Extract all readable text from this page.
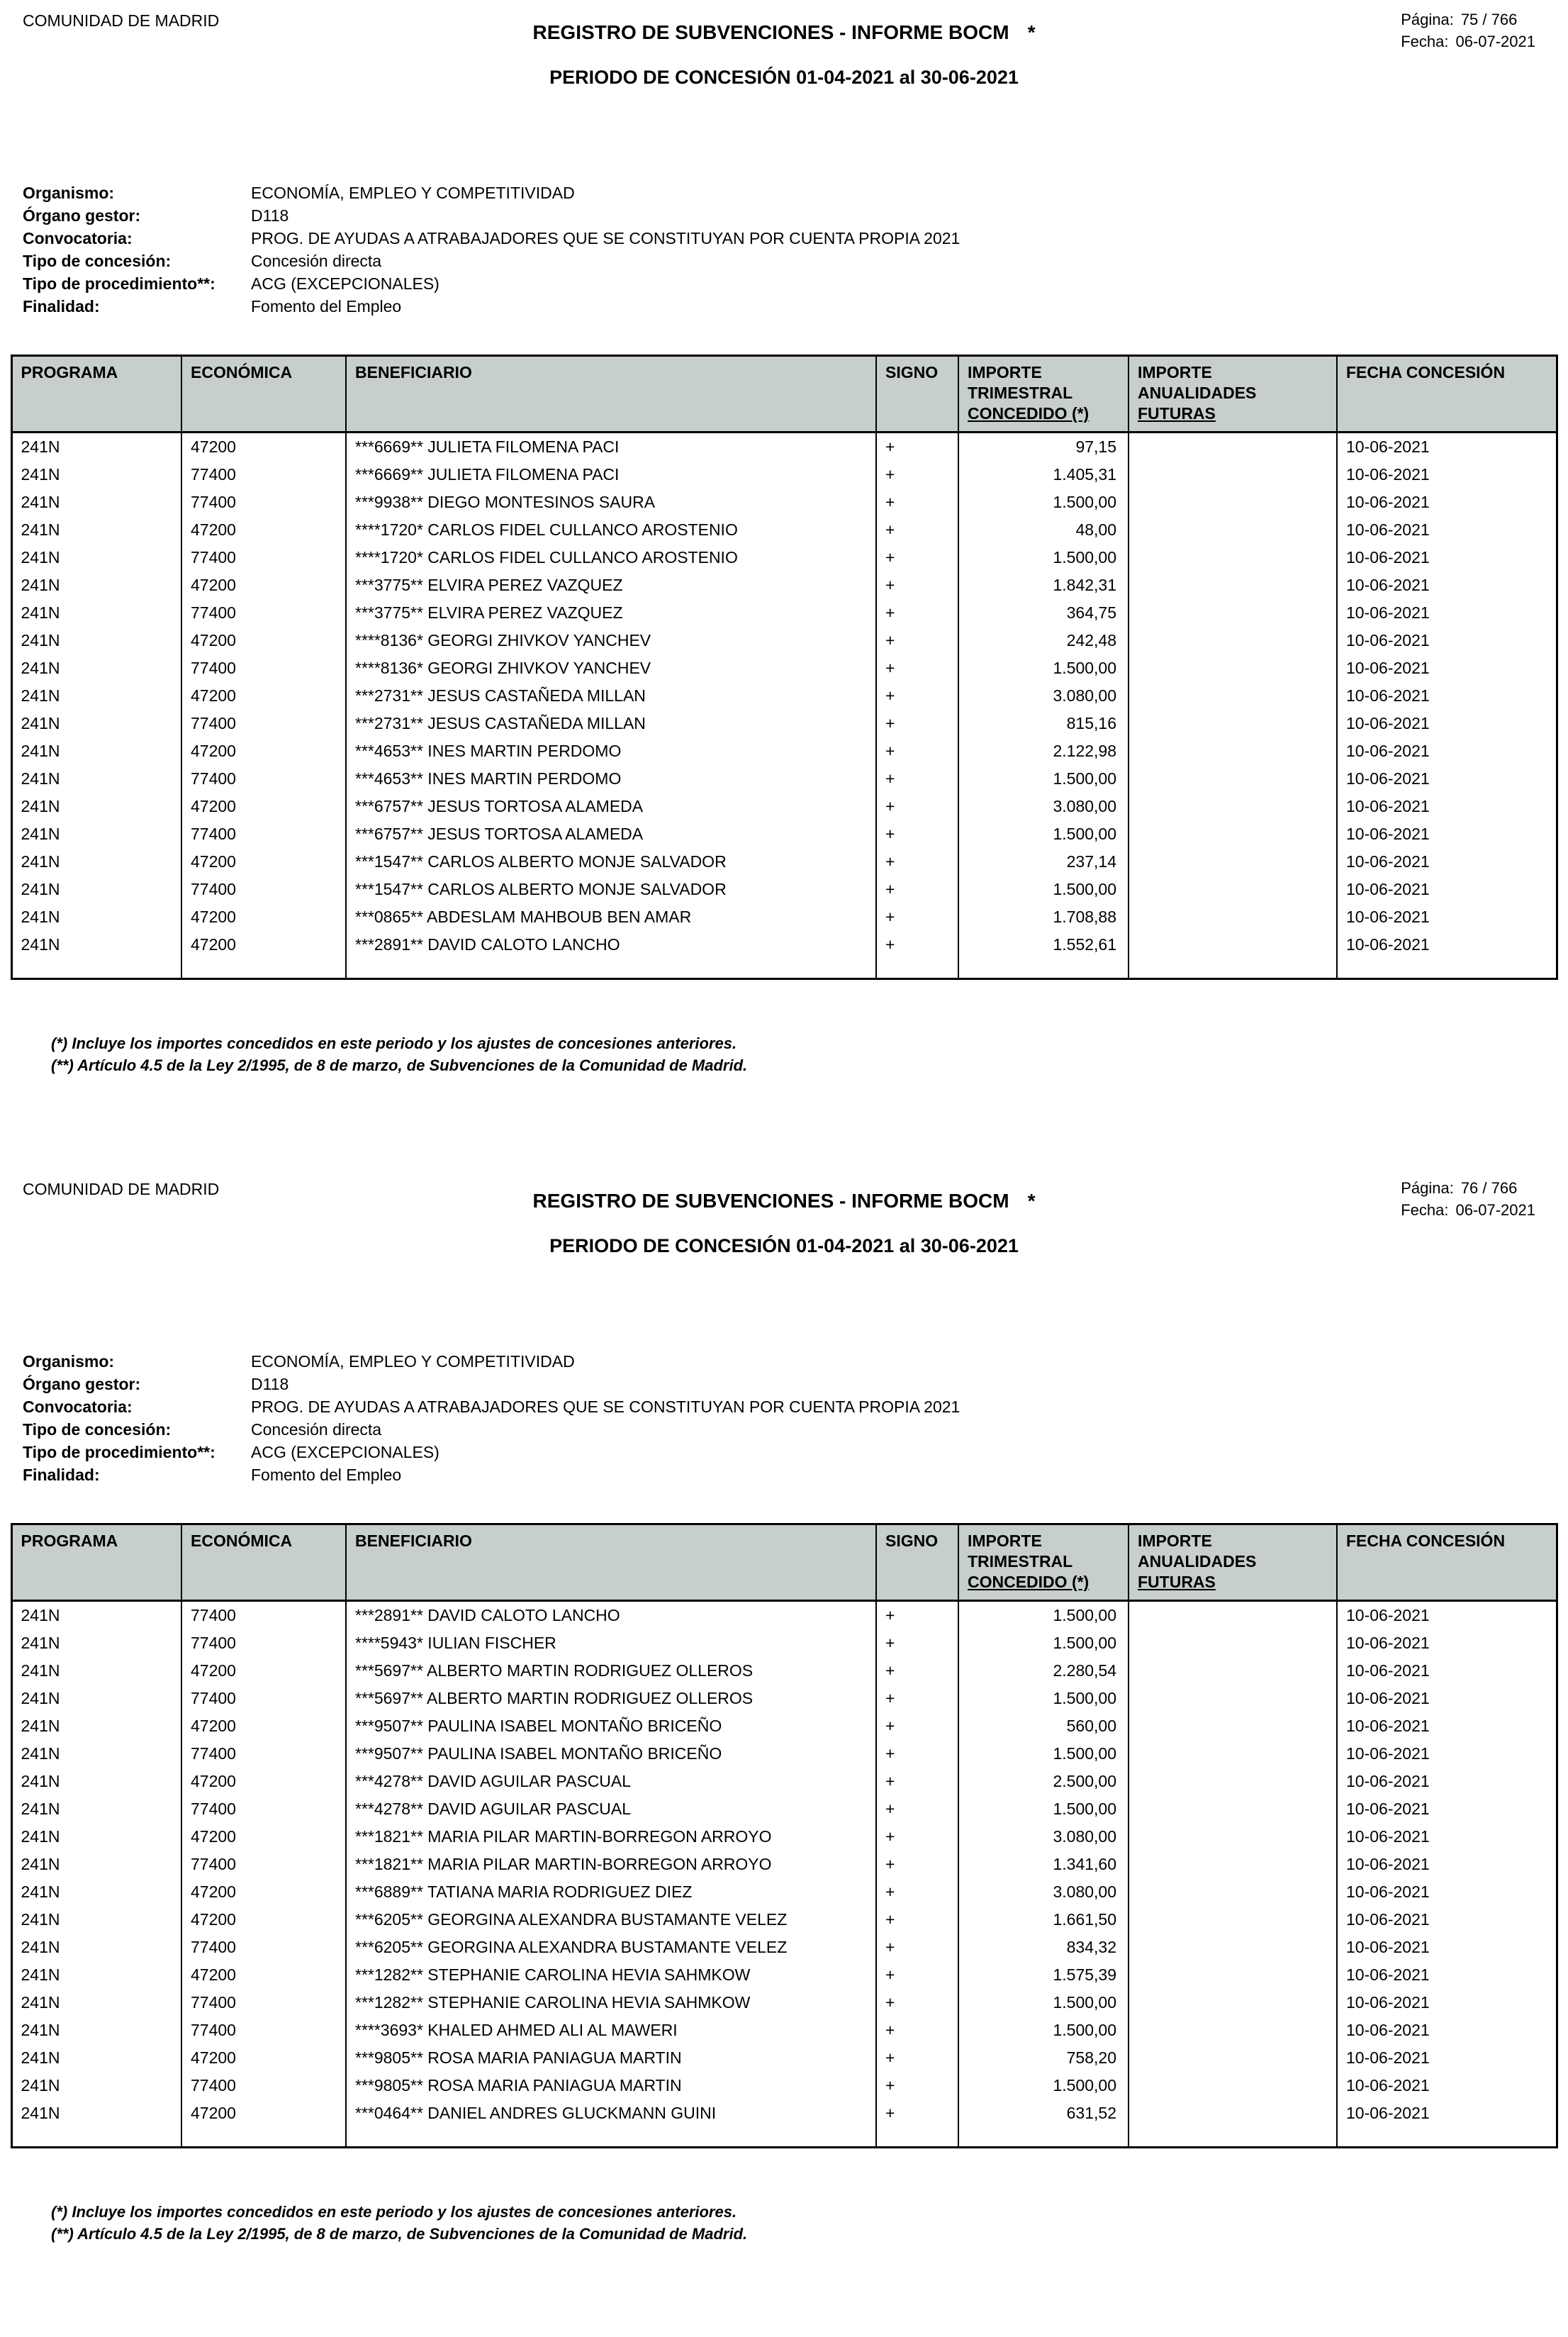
COMUNIDAD DE MADRID	Página: 75 / 766
Fecha: 06-07-2021
REGISTRO DE SUBVENCIONES - INFORME BOCM *
PERIODO DE CONCESIÓN 01-04-2021 al 30-06-2021
Organismo:	ECONOMÍA, EMPLEO Y COMPETITIVIDAD
Órgano gestor:	D118
Convocatoria:	PROG. DE AYUDAS A ATRABAJADORES QUE SE CONSTITUYAN POR CUENTA PROPIA 2021
Tipo de concesión:	Concesión directa
Tipo de procedimiento**:	ACG (EXCEPCIONALES)
Finalidad:	Fomento del Empleo
PROGRAMA	ECONÓMICA	BENEFICIARIO	SIGNO	IMPORTE
TRIMESTRAL
CONCEDIDO (*)	IMPORTE
ANUALIDADES
FUTURAS	FECHA CONCESIÓN

241N	47200	***6669** JULIETA FILOMENA PACI	+	97,15		10-06-2021
241N	77400	***6669** JULIETA FILOMENA PACI	+	1.405,31		10-06-2021
241N	77400	***9938** DIEGO MONTESINOS SAURA	+	1.500,00		10-06-2021
241N	47200	****1720* CARLOS FIDEL CULLANCO AROSTENIO	+	48,00		10-06-2021
241N	77400	****1720* CARLOS FIDEL CULLANCO AROSTENIO	+	1.500,00		10-06-2021
241N	47200	***3775** ELVIRA PEREZ VAZQUEZ	+	1.842,31		10-06-2021
241N	77400	***3775** ELVIRA PEREZ VAZQUEZ	+	364,75		10-06-2021
241N	47200	****8136* GEORGI ZHIVKOV YANCHEV	+	242,48		10-06-2021
241N	77400	****8136* GEORGI ZHIVKOV YANCHEV	+	1.500,00		10-06-2021
241N	47200	***2731** JESUS CASTAÑEDA MILLAN	+	3.080,00		10-06-2021
241N	77400	***2731** JESUS CASTAÑEDA MILLAN	+	815,16		10-06-2021
241N	47200	***4653** INES MARTIN PERDOMO	+	2.122,98		10-06-2021
241N	77400	***4653** INES MARTIN PERDOMO	+	1.500,00		10-06-2021
241N	47200	***6757** JESUS TORTOSA ALAMEDA	+	3.080,00		10-06-2021
241N	77400	***6757** JESUS TORTOSA ALAMEDA	+	1.500,00		10-06-2021
241N	47200	***1547** CARLOS ALBERTO MONJE SALVADOR	+	237,14		10-06-2021
241N	77400	***1547** CARLOS ALBERTO MONJE SALVADOR	+	1.500,00		10-06-2021
241N	47200	***0865** ABDESLAM MAHBOUB BEN AMAR	+	1.708,88		10-06-2021
241N	47200	***2891** DAVID CALOTO LANCHO	+	1.552,61		10-06-2021

(*) Incluye los importes concedidos en este periodo y los ajustes de concesiones anteriores.
(**) Artículo 4.5 de la Ley 2/1995, de 8 de marzo, de Subvenciones de la Comunidad de Madrid.
COMUNIDAD DE MADRID	Página: 76 / 766
Fecha: 06-07-2021
REGISTRO DE SUBVENCIONES - INFORME BOCM *
PERIODO DE CONCESIÓN 01-04-2021 al 30-06-2021
Organismo:	ECONOMÍA, EMPLEO Y COMPETITIVIDAD
Órgano gestor:	D118
Convocatoria:	PROG. DE AYUDAS A ATRABAJADORES QUE SE CONSTITUYAN POR CUENTA PROPIA 2021
Tipo de concesión:	Concesión directa
Tipo de procedimiento**:	ACG (EXCEPCIONALES)
Finalidad:	Fomento del Empleo
PROGRAMA	ECONÓMICA	BENEFICIARIO	SIGNO	IMPORTE
TRIMESTRAL
CONCEDIDO (*)	IMPORTE
ANUALIDADES
FUTURAS	FECHA CONCESIÓN

241N	77400	***2891** DAVID CALOTO LANCHO	+	1.500,00		10-06-2021
241N	77400	****5943* IULIAN FISCHER	+	1.500,00		10-06-2021
241N	47200	***5697** ALBERTO MARTIN RODRIGUEZ OLLEROS	+	2.280,54		10-06-2021
241N	77400	***5697** ALBERTO MARTIN RODRIGUEZ OLLEROS	+	1.500,00		10-06-2021
241N	47200	***9507** PAULINA ISABEL MONTAÑO BRICEÑO	+	560,00		10-06-2021
241N	77400	***9507** PAULINA ISABEL MONTAÑO BRICEÑO	+	1.500,00		10-06-2021
241N	47200	***4278** DAVID AGUILAR PASCUAL	+	2.500,00		10-06-2021
241N	77400	***4278** DAVID AGUILAR PASCUAL	+	1.500,00		10-06-2021
241N	47200	***1821** MARIA PILAR MARTIN-BORREGON ARROYO	+	3.080,00		10-06-2021
241N	77400	***1821** MARIA PILAR MARTIN-BORREGON ARROYO	+	1.341,60		10-06-2021
241N	47200	***6889** TATIANA MARIA RODRIGUEZ DIEZ	+	3.080,00		10-06-2021
241N	47200	***6205** GEORGINA ALEXANDRA BUSTAMANTE VELEZ	+	1.661,50		10-06-2021
241N	77400	***6205** GEORGINA ALEXANDRA BUSTAMANTE VELEZ	+	834,32		10-06-2021
241N	47200	***1282** STEPHANIE CAROLINA HEVIA SAHMKOW	+	1.575,39		10-06-2021
241N	77400	***1282** STEPHANIE CAROLINA HEVIA SAHMKOW	+	1.500,00		10-06-2021
241N	77400	****3693* KHALED AHMED ALI AL MAWERI	+	1.500,00		10-06-2021
241N	47200	***9805** ROSA MARIA PANIAGUA MARTIN	+	758,20		10-06-2021
241N	77400	***9805** ROSA MARIA PANIAGUA MARTIN	+	1.500,00		10-06-2021
241N	47200	***0464** DANIEL ANDRES GLUCKMANN GUINI	+	631,52		10-06-2021

(*) Incluye los importes concedidos en este periodo y los ajustes de concesiones anteriores.
(**) Artículo 4.5 de la Ley 2/1995, de 8 de marzo, de Subvenciones de la Comunidad de Madrid.
